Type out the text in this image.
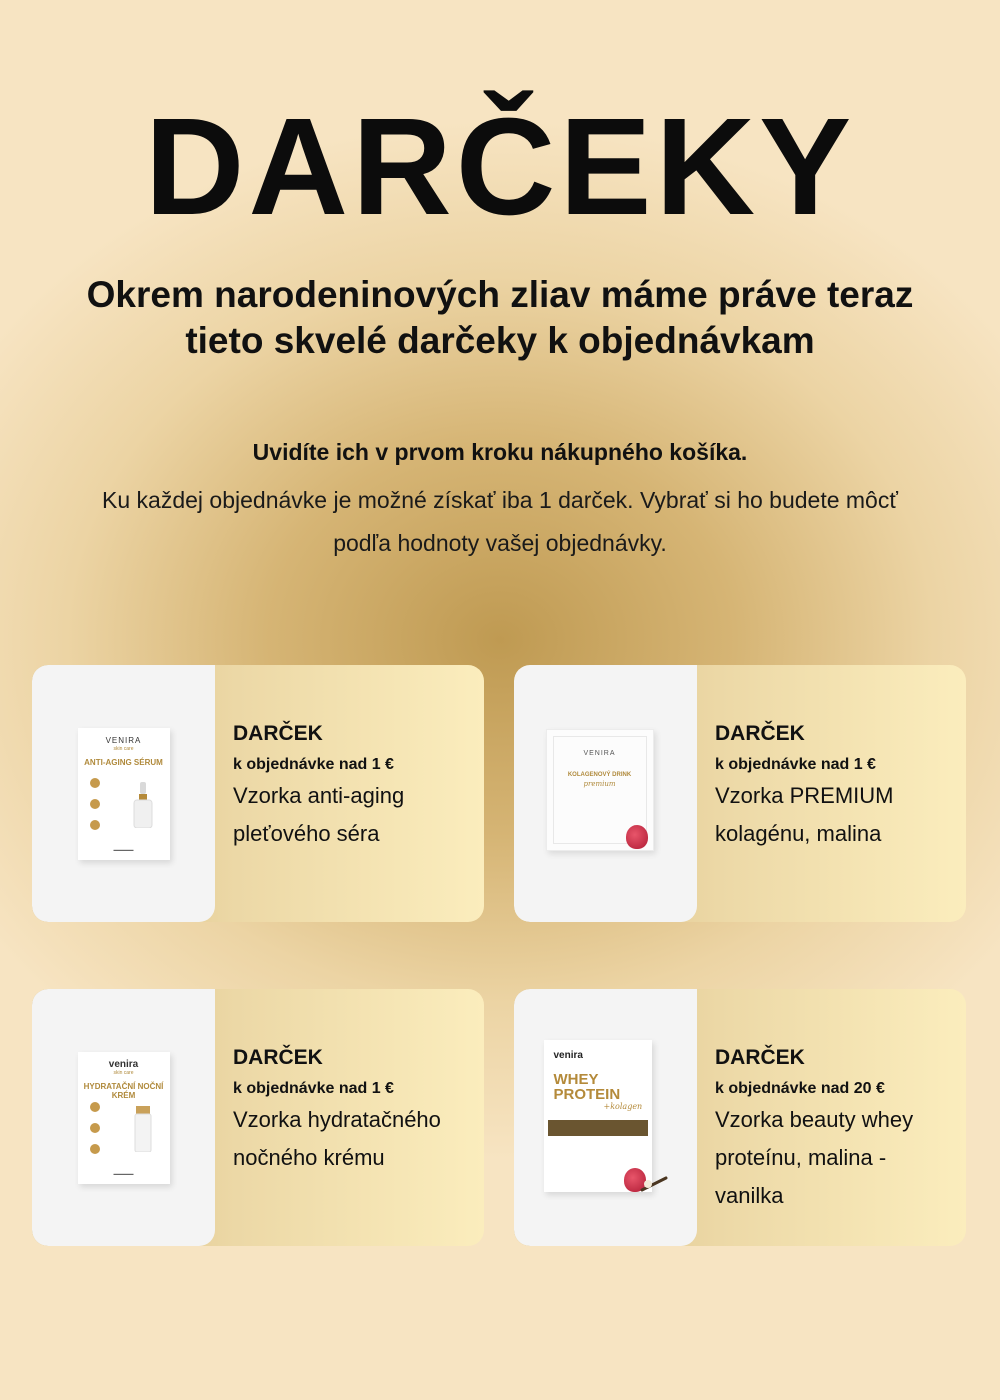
DARČEKY
Okrem narodeninových zliav máme práve teraz tieto skvelé darčeky k objednávkam
Uvidíte ich v prvom kroku nákupného košíka.
Ku každej objednávke je možné získať iba 1 darček. Vybrať si ho budete môcť podľa hodnoty vašej objednávky.
VENIRA
skin care
ANTI-AGING SÉRUM
▬▬▬▬▬
DARČEK
k objednávke nad 1 €
Vzorka anti-aging pleťového séra
VENIRA
KOLAGENOVÝ DRINK
premium
DARČEK
k objednávke nad 1 €
Vzorka PREMIUM kolagénu, malina
venira
skin care
HYDRATAČNÍ NOČNÍ KRÉM
▬▬▬▬▬
DARČEK
k objednávke nad 1 €
Vzorka hydratačného nočného krému
venira
WHEY PROTEIN
+kolagen
DARČEK
k objednávke nad 20 €
Vzorka beauty whey proteínu, malina - vanilka
